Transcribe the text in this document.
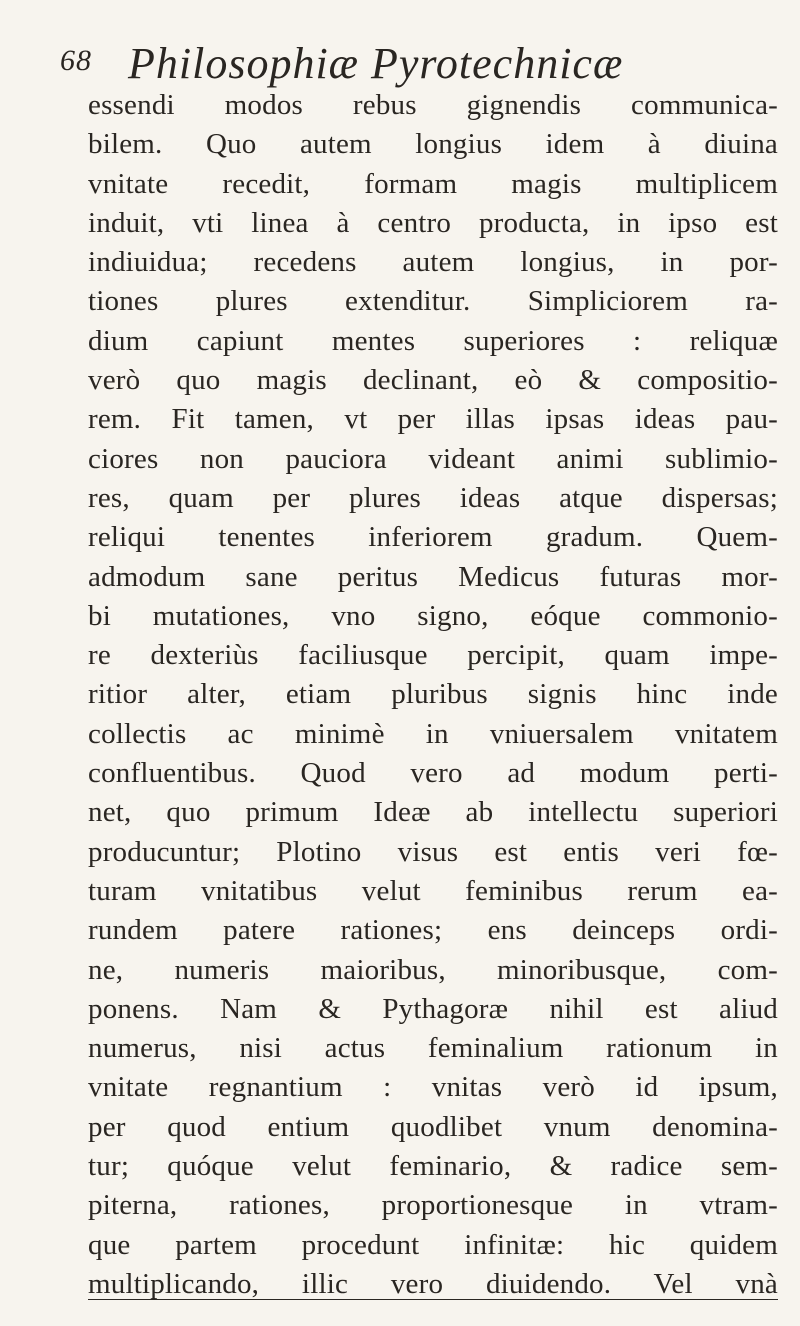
68 Philosophiæ Pyrotechnicæ
essendi modos rebus gignendis communica-
bilem. Quo autem longius idem à diuina
vnitate recedit, formam magis multiplicem
induit, vti linea à centro producta, in ipso est
indiuidua; recedens autem longius, in por-
tiones plures extenditur. Simpliciorem ra-
dium capiunt mentes superiores : reliquæ
verò quo magis declinant, eò & compositio-
rem. Fit tamen, vt per illas ipsas ideas pau-
ciores non pauciora videant animi sublimio-
res, quam per plures ideas atque dispersas;
reliqui tenentes inferiorem gradum. Quem-
admodum sane peritus Medicus futuras mor-
bi mutationes, vno signo, eóque commonio-
re dexteriùs faciliusque percipit, quam impe-
ritior alter, etiam pluribus signis hinc inde
collectis ac minimè in vniuersalem vnitatem
confluentibus. Quod vero ad modum perti-
net, quo primum Ideæ ab intellectu superiori
producuntur; Plotino visus est entis veri fœ-
turam vnitatibus velut feminibus rerum ea-
rundem patere rationes; ens deinceps ordi-
ne, numeris maioribus, minoribusque, com-
ponens. Nam & Pythagoræ nihil est aliud
numerus, nisi actus feminalium rationum in
vnitate regnantium : vnitas verò id ipsum,
per quod entium quodlibet vnum denomina-
tur; quóque velut feminario, & radice sem-
piterna, rationes, proportionesque in vtram-
que partem procedunt infinitæ: hic quidem
multiplicando, illic vero diuidendo. Vel vnà
